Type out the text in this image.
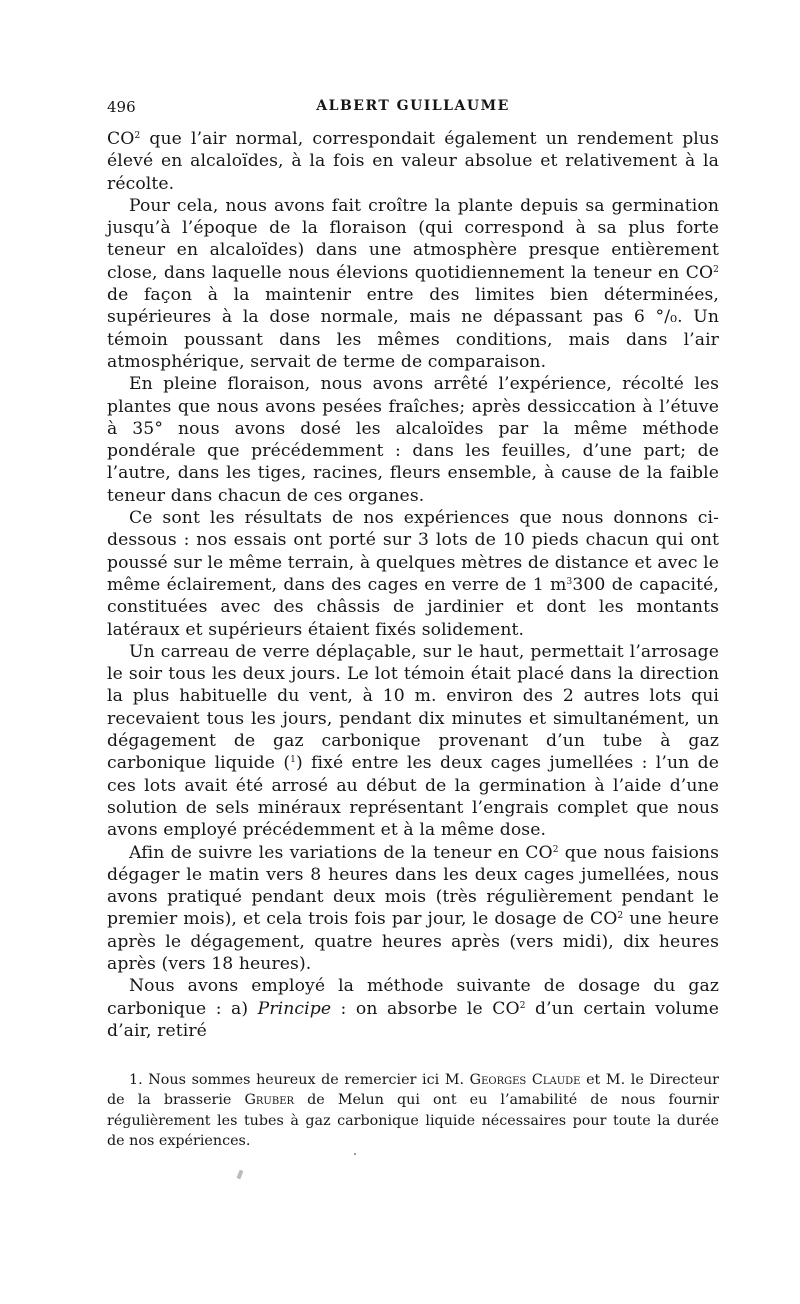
496	ALBERT GUILLAUME

$CO^2$ que l’air normal, correspondait également un rendement plus élevé en alcaloïdes, à la fois en valeur absolue et relativement à la récolte.

Pour cela, nous avons fait croître la plante depuis sa germination jusqu’à l’époque de la floraison (qui correspond à sa plus forte teneur en alcaloïdes) dans une atmosphère presque entièrement close, dans laquelle nous élevions quotidiennement la teneur en $CO^2$ de façon à la maintenir entre des limites bien déterminées, supérieures à la dose normale, mais ne dépassant pas 6 °/₀. Un témoin poussant dans les mêmes conditions, mais dans l’air atmosphérique, servait de terme de comparaison.

En pleine floraison, nous avons arrêté l’expérience, récolté les plantes que nous avons pesées fraîches; après dessiccation à l’étuve à 35° nous avons dosé les alcaloïdes par la même méthode pondérale que précédemment : dans les feuilles, d’une part; de l’autre, dans les tiges, racines, fleurs ensemble, à cause de la faible teneur dans chacun de ces organes.

Ce sont les résultats de nos expériences que nous donnons ci-dessous : nos essais ont porté sur 3 lots de 10 pieds chacun qui ont poussé sur le même terrain, à quelques mètres de distance et avec le même éclairement, dans des cages en verre de 1 $m^3300$ de capacité, constituées avec des châssis de jardinier et dont les montants latéraux et supérieurs étaient fixés solidement.

Un carreau de verre déplaçable, sur le haut, permettait l’arrosage le soir tous les deux jours. Le lot témoin était placé dans la direction la plus habituelle du vent, à 10 m. environ des 2 autres lots qui recevaient tous les jours, pendant dix minutes et simultanément, un dégagement de gaz carbonique provenant d’un tube à gaz carbonique liquide ($^1$) fixé entre les deux cages jumellées : l’un de ces lots avait été arrosé au début de la germination à l’aide d’une solution de sels minéraux représentant l’engrais complet que nous avons employé précédemment et à la même dose.

Afin de suivre les variations de la teneur en $CO^2$ que nous faisions dégager le matin vers 8 heures dans les deux cages jumellées, nous avons pratiqué pendant deux mois (très régulièrement pendant le premier mois), et cela trois fois par jour, le dosage de $CO^2$ une heure après le dégagement, quatre heures après (vers midi), dix heures après (vers 18 heures).

Nous avons employé la méthode suivante de dosage du gaz carbonique : a) Principe : on absorbe le $CO^2$ d’un certain volume d’air, retiré

1. Nous sommes heureux de remercier ici M. Georges Claude et M. le Directeur de la brasserie Gruber de Melun qui ont eu l’amabilité de nous fournir régulièrement les tubes à gaz carbonique liquide nécessaires pour toute la durée de nos expériences.
